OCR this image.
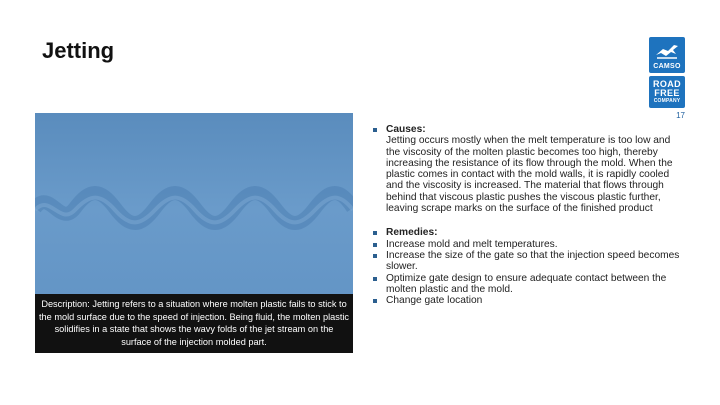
Jetting
CAMSO
ROAD
FREE
COMPANY
17
Description: Jetting refers to a situation where molten plastic fails to stick to the mold surface due to the speed of injection. Being fluid, the molten plastic solidifies in a state that shows the wavy folds of the jet stream on the surface of the injection molded part.
Causes:
Jetting occurs mostly when the melt temperature is too low and the viscosity of the molten plastic becomes too high, thereby increasing the resistance of its flow through the mold. When the plastic comes in contact with the mold walls, it is rapidly cooled and the viscosity is increased. The material that flows through behind that viscous plastic pushes the viscous plastic further, leaving scrape marks on the surface of the finished product
Remedies:
Increase mold and melt temperatures.
Increase the size of the gate so that the injection speed becomes slower.
Optimize gate design to ensure adequate contact between the molten plastic and the mold.
Change gate location
